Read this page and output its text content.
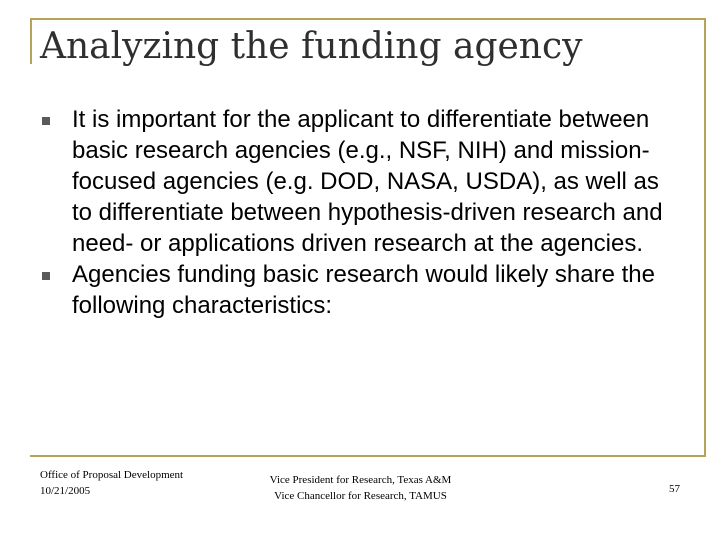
Analyzing the funding agency
It is important for the applicant to differentiate between basic research agencies (e.g., NSF, NIH) and mission-focused agencies (e.g. DOD, NASA, USDA), as well as to differentiate between hypothesis-driven research and need- or applications driven research at the agencies.
Agencies funding basic research would likely share the following characteristics:
Office of Proposal Development
10/21/2005
Vice President for Research, Texas A&M
Vice Chancellor for Research, TAMUS
57
